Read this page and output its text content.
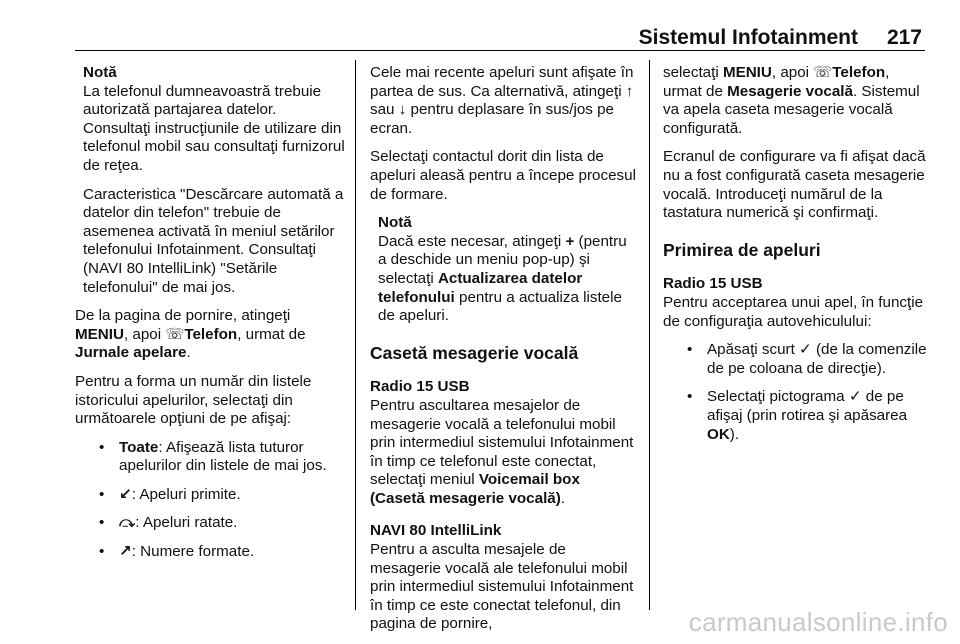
Sistemul Infotainment 217
Notă

La telefonul dumneavoastră trebuie autorizată partajarea datelor. Consultaţi instrucţiunile de utilizare din telefonul mobil sau consultaţi furnizorul de reţea.

Caracteristica "Descărcare automată a datelor din telefon" trebuie de asemenea activată în meniul setărilor telefonului Infotainment. Consultaţi (NAVI 80 IntelliLink) "Setările telefonului" de mai jos.

De la pagina de pornire, atingeţi MENIU, apoi ☏Telefon, urmat de Jurnale apelare.

Pentru a forma un număr din listele istoricului apelurilor, selectaţi din următoarele opţiuni de pe afişaj:

• Toate: Afişează lista tuturor apelurilor din listele de mai jos.
• ↙: Apeluri primite.
• ⤼: Apeluri ratate.
• ↗: Numere formate.

Cele mai recente apeluri sunt afişate în partea de sus. Ca alternativă, atingeţi ↑ sau ↓ pentru deplasare în sus/jos pe ecran.

Selectaţi contactul dorit din lista de apeluri aleasă pentru a începe procesul de formare.

Notă

Dacă este necesar, atingeţi + (pentru a deschide un meniu pop-up) şi selectaţi Actualizarea datelor telefonului pentru a actualiza listele de apeluri.

Casetă mesagerie vocală
Radio 15 USB

Pentru ascultarea mesajelor de mesagerie vocală a telefonului mobil prin intermediul sistemului Infotainment în timp ce telefonul este conectat, selectaţi meniul Voicemail box (Casetă mesagerie vocală).

NAVI 80 IntelliLink

Pentru a asculta mesajele de mesagerie vocală ale telefonului mobil prin intermediul sistemului Infotainment în timp ce este conectat telefonul, din pagina de pornire,

selectaţi MENIU, apoi ☏Telefon, urmat de Mesagerie vocală. Sistemul va apela caseta mesagerie vocală configurată.

Ecranul de configurare va fi afişat dacă nu a fost configurată caseta mesagerie vocală. Introduceţi numărul de la tastatura numerică şi confirmaţi.

Primirea de apeluri
Radio 15 USB

Pentru acceptarea unui apel, în funcţie de configuraţia autovehiculului:

• Apăsaţi scurt ✓ (de la comenzile de pe coloana de direcţie).
• Selectaţi pictograma ✓ de pe afişaj (prin rotirea şi apăsarea OK).
carmanualsonline.info
